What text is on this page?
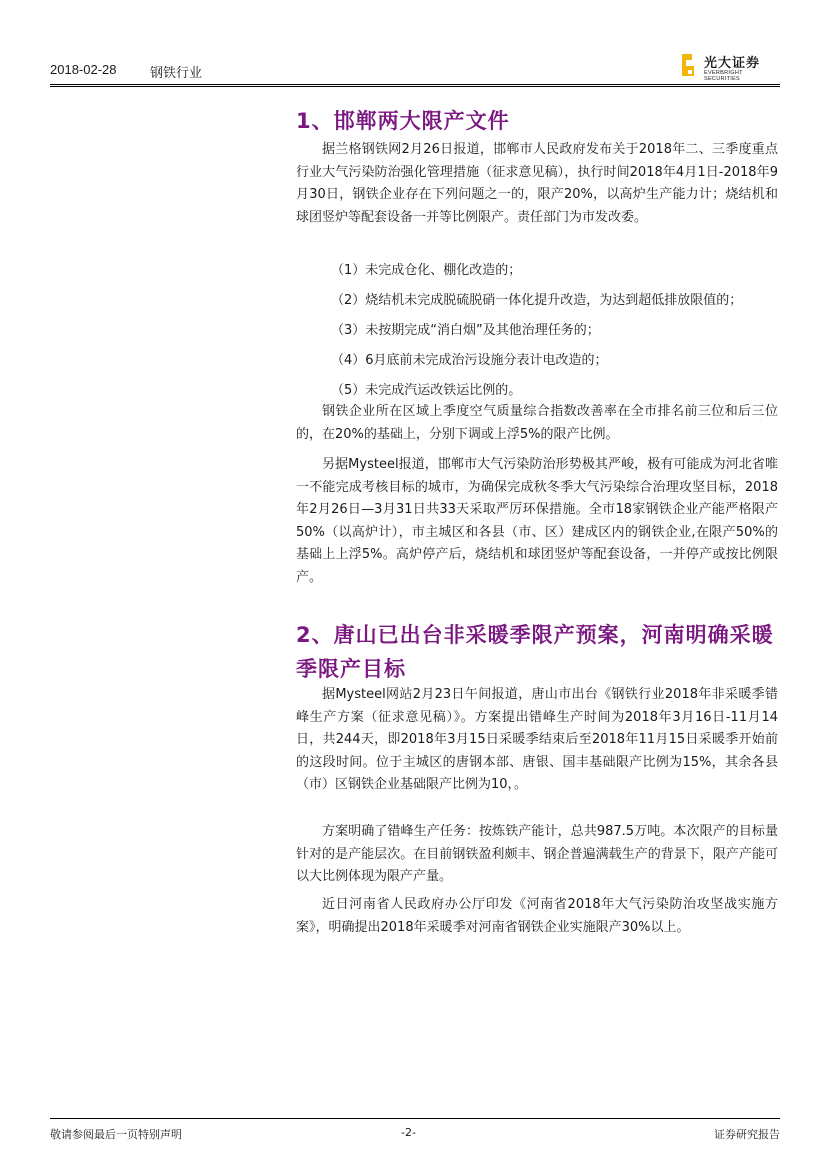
2018-02-28	钢铁行业
光大证券
EVERBRIGHT SECURITIES
1、邯郸两大限产文件

据兰格钢铁网2月26日报道，邯郸市人民政府发布关于2018年二、三季度重点行业大气污染防治强化管理措施（征求意见稿），执行时间2018年4月1日-2018年9月30日，钢铁企业存在下列问题之一的，限产20%，以高炉生产能力计；烧结机和球团竖炉等配套设备一并等比例限产。责任部门为市发改委。

（1）未完成仓化、棚化改造的；
（2）烧结机未完成脱硫脱硝一体化提升改造，为达到超低排放限值的；
（3）未按期完成“消白烟”及其他治理任务的；
（4）6月底前未完成治污设施分表计电改造的；
（5）未完成汽运改铁运比例的。

钢铁企业所在区域上季度空气质量综合指数改善率在全市排名前三位和后三位的，在20%的基础上，分别下调或上浮5%的限产比例。

另据Mysteel报道，邯郸市大气污染防治形势极其严峻，极有可能成为河北省唯一不能完成考核目标的城市，为确保完成秋冬季大气污染综合治理攻坚目标，2018年2月26日—3月31日共33天采取严厉环保措施。全市18家钢铁企业产能严格限产50%（以高炉计），市主城区和各县（市、区）建成区内的钢铁企业,在限产50%的基础上上浮5%。高炉停产后，烧结机和球团竖炉等配套设备，一并停产或按比例限产。

2、唐山已出台非采暖季限产预案，河南明确采暖
季限产目标

据Mysteel网站2月23日午间报道，唐山市出台《钢铁行业2018年非采暖季错峰生产方案（征求意见稿）》。方案提出错峰生产时间为2018年3月16日-11月14日，共244天，即2018年3月15日采暖季结束后至2018年11月15日采暖季开始前的这段时间。位于主城区的唐钢本部、唐银、国丰基础限产比例为15%，其余各县（市）区钢铁企业基础限产比例为10，。

方案明确了错峰生产任务：按炼铁产能计，总共987.5万吨。本次限产的目标量针对的是产能层次。在目前钢铁盈利颇丰、钢企普遍满载生产的背景下，限产产能可以大比例体现为限产产量。

近日河南省人民政府办公厅印发《河南省2018年大气污染防治攻坚战实施方案》，明确提出2018年采暖季对河南省钢铁企业实施限产30%以上。

敬请参阅最后一页特别声明	-2-	证券研究报告
